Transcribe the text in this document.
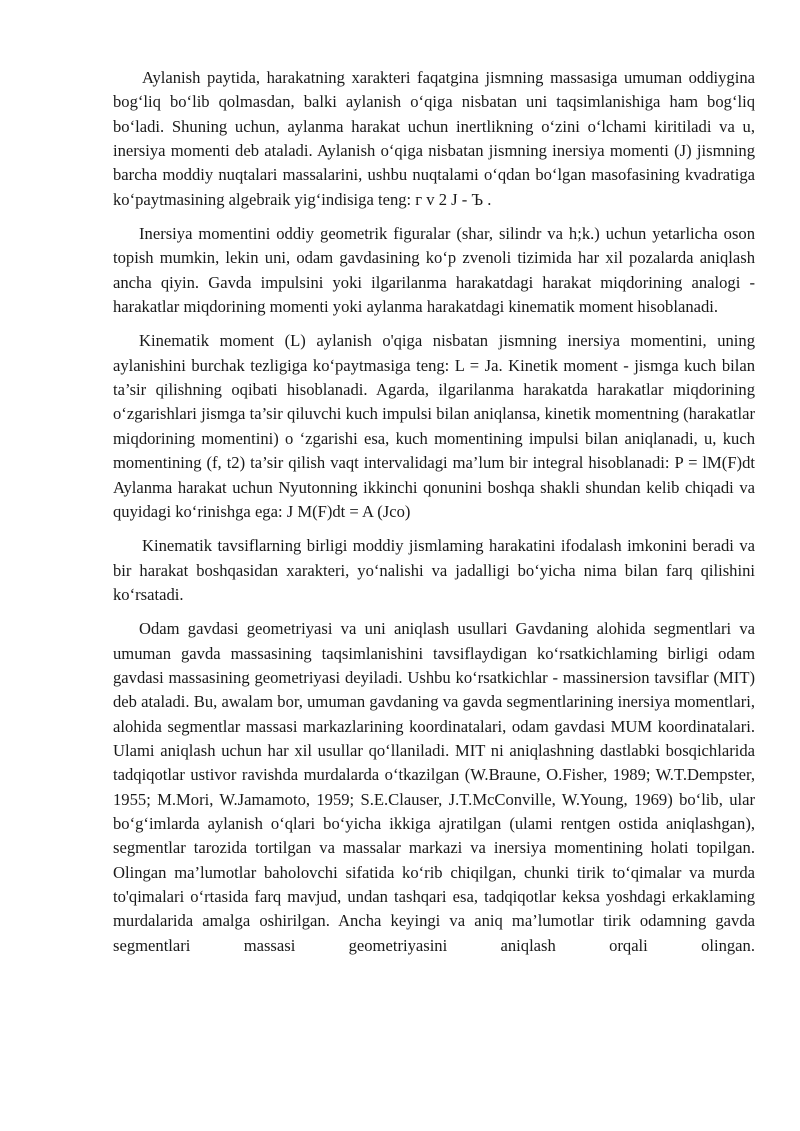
Aylanish paytida, harakatning xarakteri faqatgina jismning massasiga umuman oddiygina bog‘liq bo‘lib qolmasdan, balki aylanish o‘qiga nisbatan uni taqsimlanishiga ham bog‘liq bo‘ladi. Shuning uchun, aylanma harakat uchun inertlikning o‘zini o‘lchami kiritiladi va u, inersiya momenti deb ataladi. Aylanish o‘qiga nisbatan jismning inersiya momenti (J) jismning barcha moddiy nuqtalari massalarini, ushbu nuqtalami o‘qdan bo‘lgan masofasining kvadratiga ko‘paytmasining algebraik yig‘indisiga teng: г v 2 J - Ъ .

Inersiya momentini oddiy geometrik figuralar (shar, silindr va h;k.) uchun yetarlicha oson topish mumkin, lekin uni, odam gavdasining ko‘p zvenoli tizimida har xil pozalarda aniqlash ancha qiyin. Gavda impulsini yoki ilgarilanma harakatdagi harakat miqdorining analogi - harakatlar miqdorining momenti yoki aylanma harakatdagi kinematik moment hisoblanadi.

Kinematik moment (L) aylanish o'qiga nisbatan jismning inersiya momentini, uning aylanishini burchak tezligiga ko‘paytmasiga teng: L = Ja. Kinetik moment - jismga kuch bilan ta’sir qilishning oqibati hisoblanadi. Agarda, ilgarilanma harakatda harakatlar miqdorining o‘zgarishlari jismga ta’sir qiluvchi kuch impulsi bilan aniqlansa, kinetik momentning (harakatlar miqdorining momentini) o ‘zgarishi esa, kuch momentining impulsi bilan aniqlanadi, u, kuch momentining (f, t2) ta’sir qilish vaqt intervalidagi ma’lum bir integral hisoblanadi: P = lM(F)dt Aylanma harakat uchun Nyutonning ikkinchi qonunini boshqa shakli shundan kelib chiqadi va quyidagi ko‘rinishga ega: J M(F)dt = A (Jco)

Kinematik tavsiflarning birligi moddiy jismlaming harakatini ifodalash imkonini beradi va bir harakat boshqasidan xarakteri, yo‘nalishi va jadalligi bo‘yicha nima bilan farq qilishini ko‘rsatadi.

Odam gavdasi geometriyasi va uni aniqlash usullari Gavdaning alohida segmentlari va umuman gavda massasining taqsimlanishini tavsiflaydigan ko‘rsatkichlaming birligi odam gavdasi massasining geometriyasi deyiladi. Ushbu ko‘rsatkichlar - massinersion tavsiflar (MIT) deb ataladi. Bu, awalam bor, umuman gavdaning va gavda segmentlarining inersiya momentlari, alohida segmentlar massasi markazlarining koordinatalari, odam gavdasi MUM koordinatalari. Ulami aniqlash uchun har xil usullar qo‘llaniladi. MIT ni aniqlashning dastlabki bosqichlarida tadqiqotlar ustivor ravishda murdalarda o‘tkazilgan (W.Braune, O.Fisher, 1989; W.T.Dempster, 1955; M.Mori, W.Jamamoto, 1959; S.E.Clauser, J.T.McConville, W.Young, 1969) bo‘lib, ular bo‘g‘imlarda aylanish o‘qlari bo‘yicha ikkiga ajratilgan (ulami rentgen ostida aniqlashgan), segmentlar tarozida tortilgan va massalar markazi va inersiya momentining holati topilgan. Olingan ma’lumotlar baholovchi sifatida ko‘rib chiqilgan, chunki tirik to‘qimalar va murda to'qimalari o‘rtasida farq mavjud, undan tashqari esa, tadqiqotlar keksa yoshdagi erkaklaming murdalarida amalga oshirilgan. Ancha keyingi va aniq ma’lumotlar tirik odamning gavda segmentlari massasi geometriyasini aniqlash orqali olingan.
